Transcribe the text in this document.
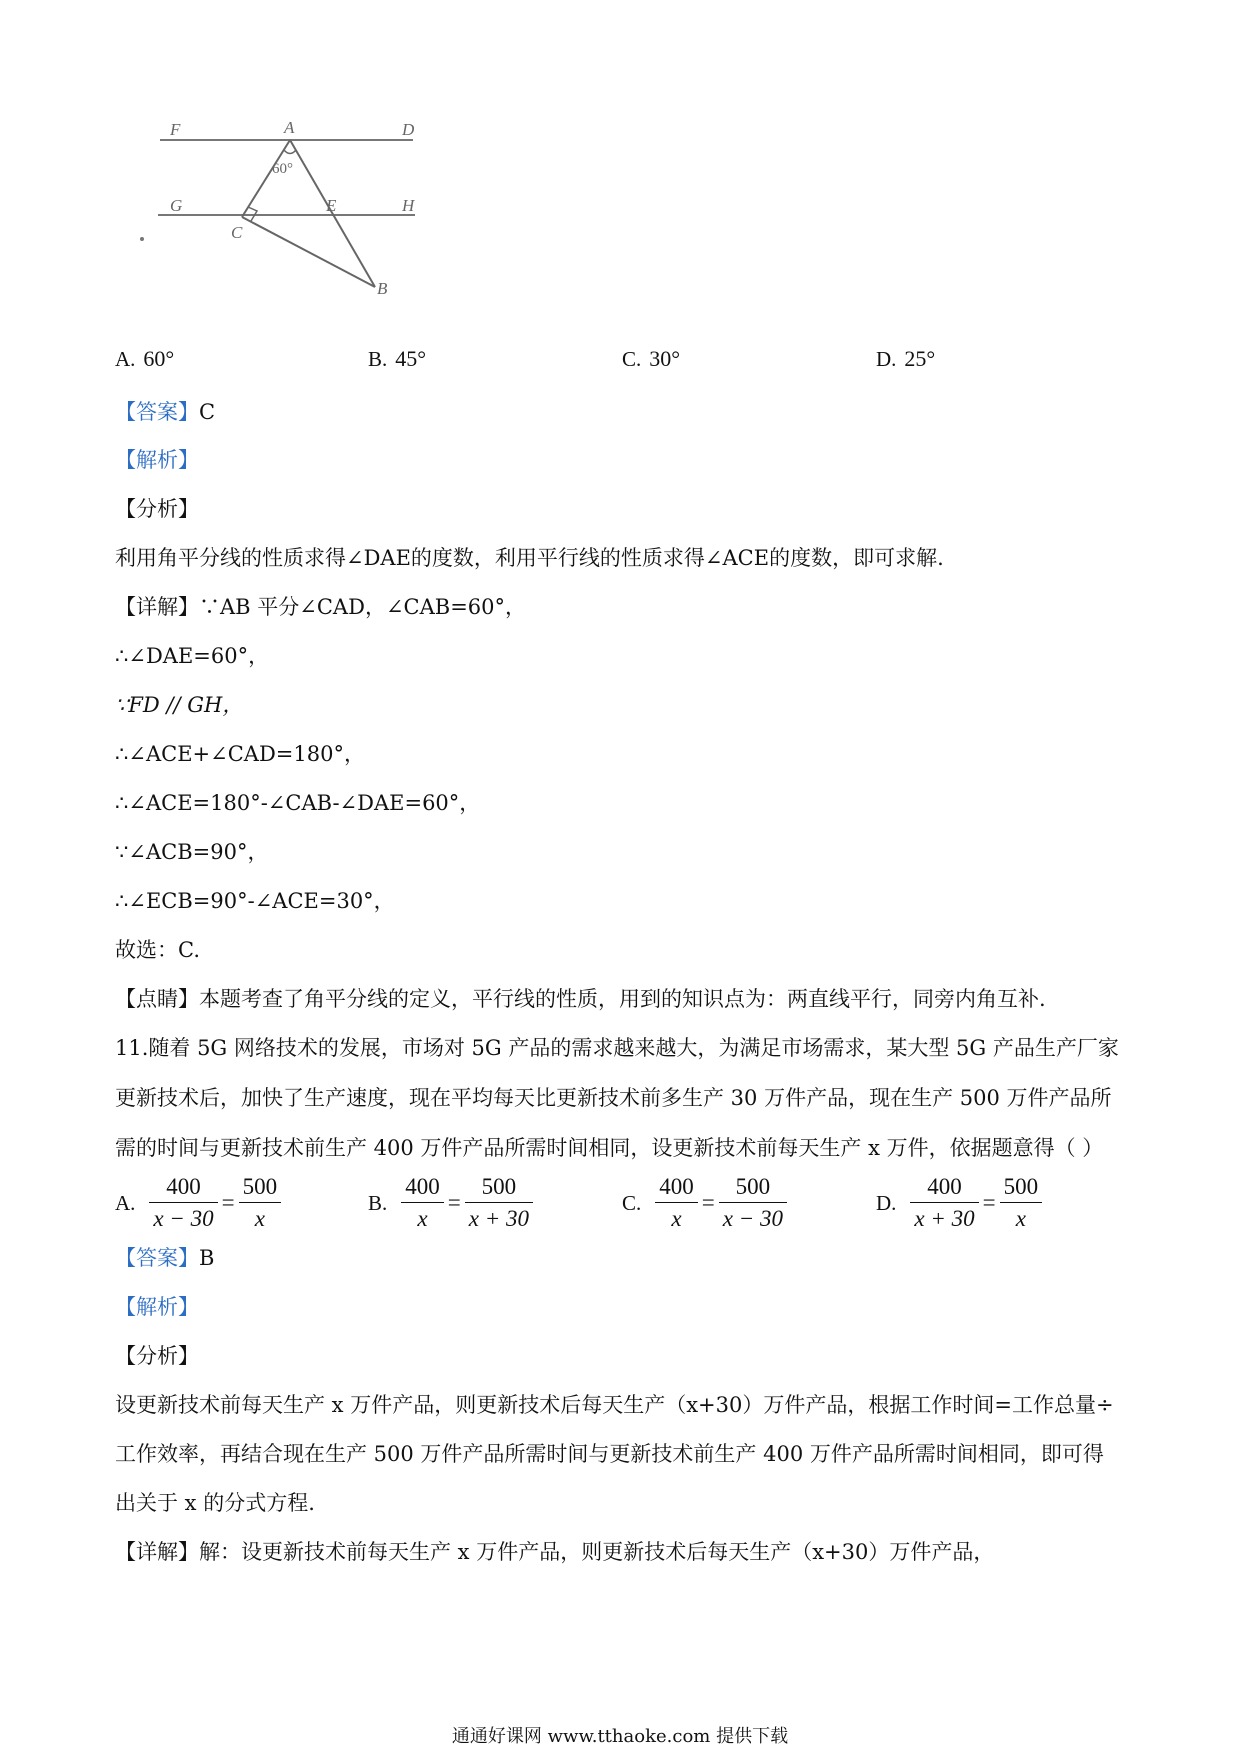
F	A	D
G
C
E	H
B
60°
A. 60°	B. 45°	C. 30°	D. 25°
【答案】C
【解析】
【分析】
利用角平分线的性质求得∠DAE的度数，利用平行线的性质求得∠ACE的度数，即可求解.
【详解】∵AB 平分∠CAD，∠CAB=60°，
∴∠DAE=60°，
∵FD // GH，
∴∠ACE+∠CAD=180°，
∴∠ACE=180°-∠CAB-∠DAE=60°，
∵∠ACB=90°，
∴∠ECB=90°-∠ACE=30°，
故选：C.
【点睛】本题考查了角平分线的定义，平行线的性质，用到的知识点为：两直线平行，同旁内角互补.
11.随着 5G 网络技术的发展，市场对 5G 产品的需求越来越大，为满足市场需求，某大型 5G 产品生产厂家
更新技术后，加快了生产速度，现在平均每天比更新技术前多生产 30 万件产品，现在生产 500 万件产品所
需的时间与更新技术前生产 400 万件产品所需时间相同，设更新技术前每天生产 x 万件，依据题意得（ ）
A. $\frac{400}{x - 30} = \frac{500}{x}$	B. $\frac{400}{x} = \frac{500}{x + 30}$	C. $\frac{400}{x} = \frac{500}{x - 30}$	D. $\frac{400}{x + 30} = \frac{500}{x}$
【答案】B
【解析】
【分析】
设更新技术前每天生产 x 万件产品，则更新技术后每天生产（x+30）万件产品，根据工作时间=工作总量÷
工作效率，再结合现在生产 500 万件产品所需时间与更新技术前生产 400 万件产品所需时间相同，即可得
出关于 x 的分式方程.
【详解】解：设更新技术前每天生产 x 万件产品，则更新技术后每天生产（x+30）万件产品，
通通好课网 www.tthaoke.com 提供下载
